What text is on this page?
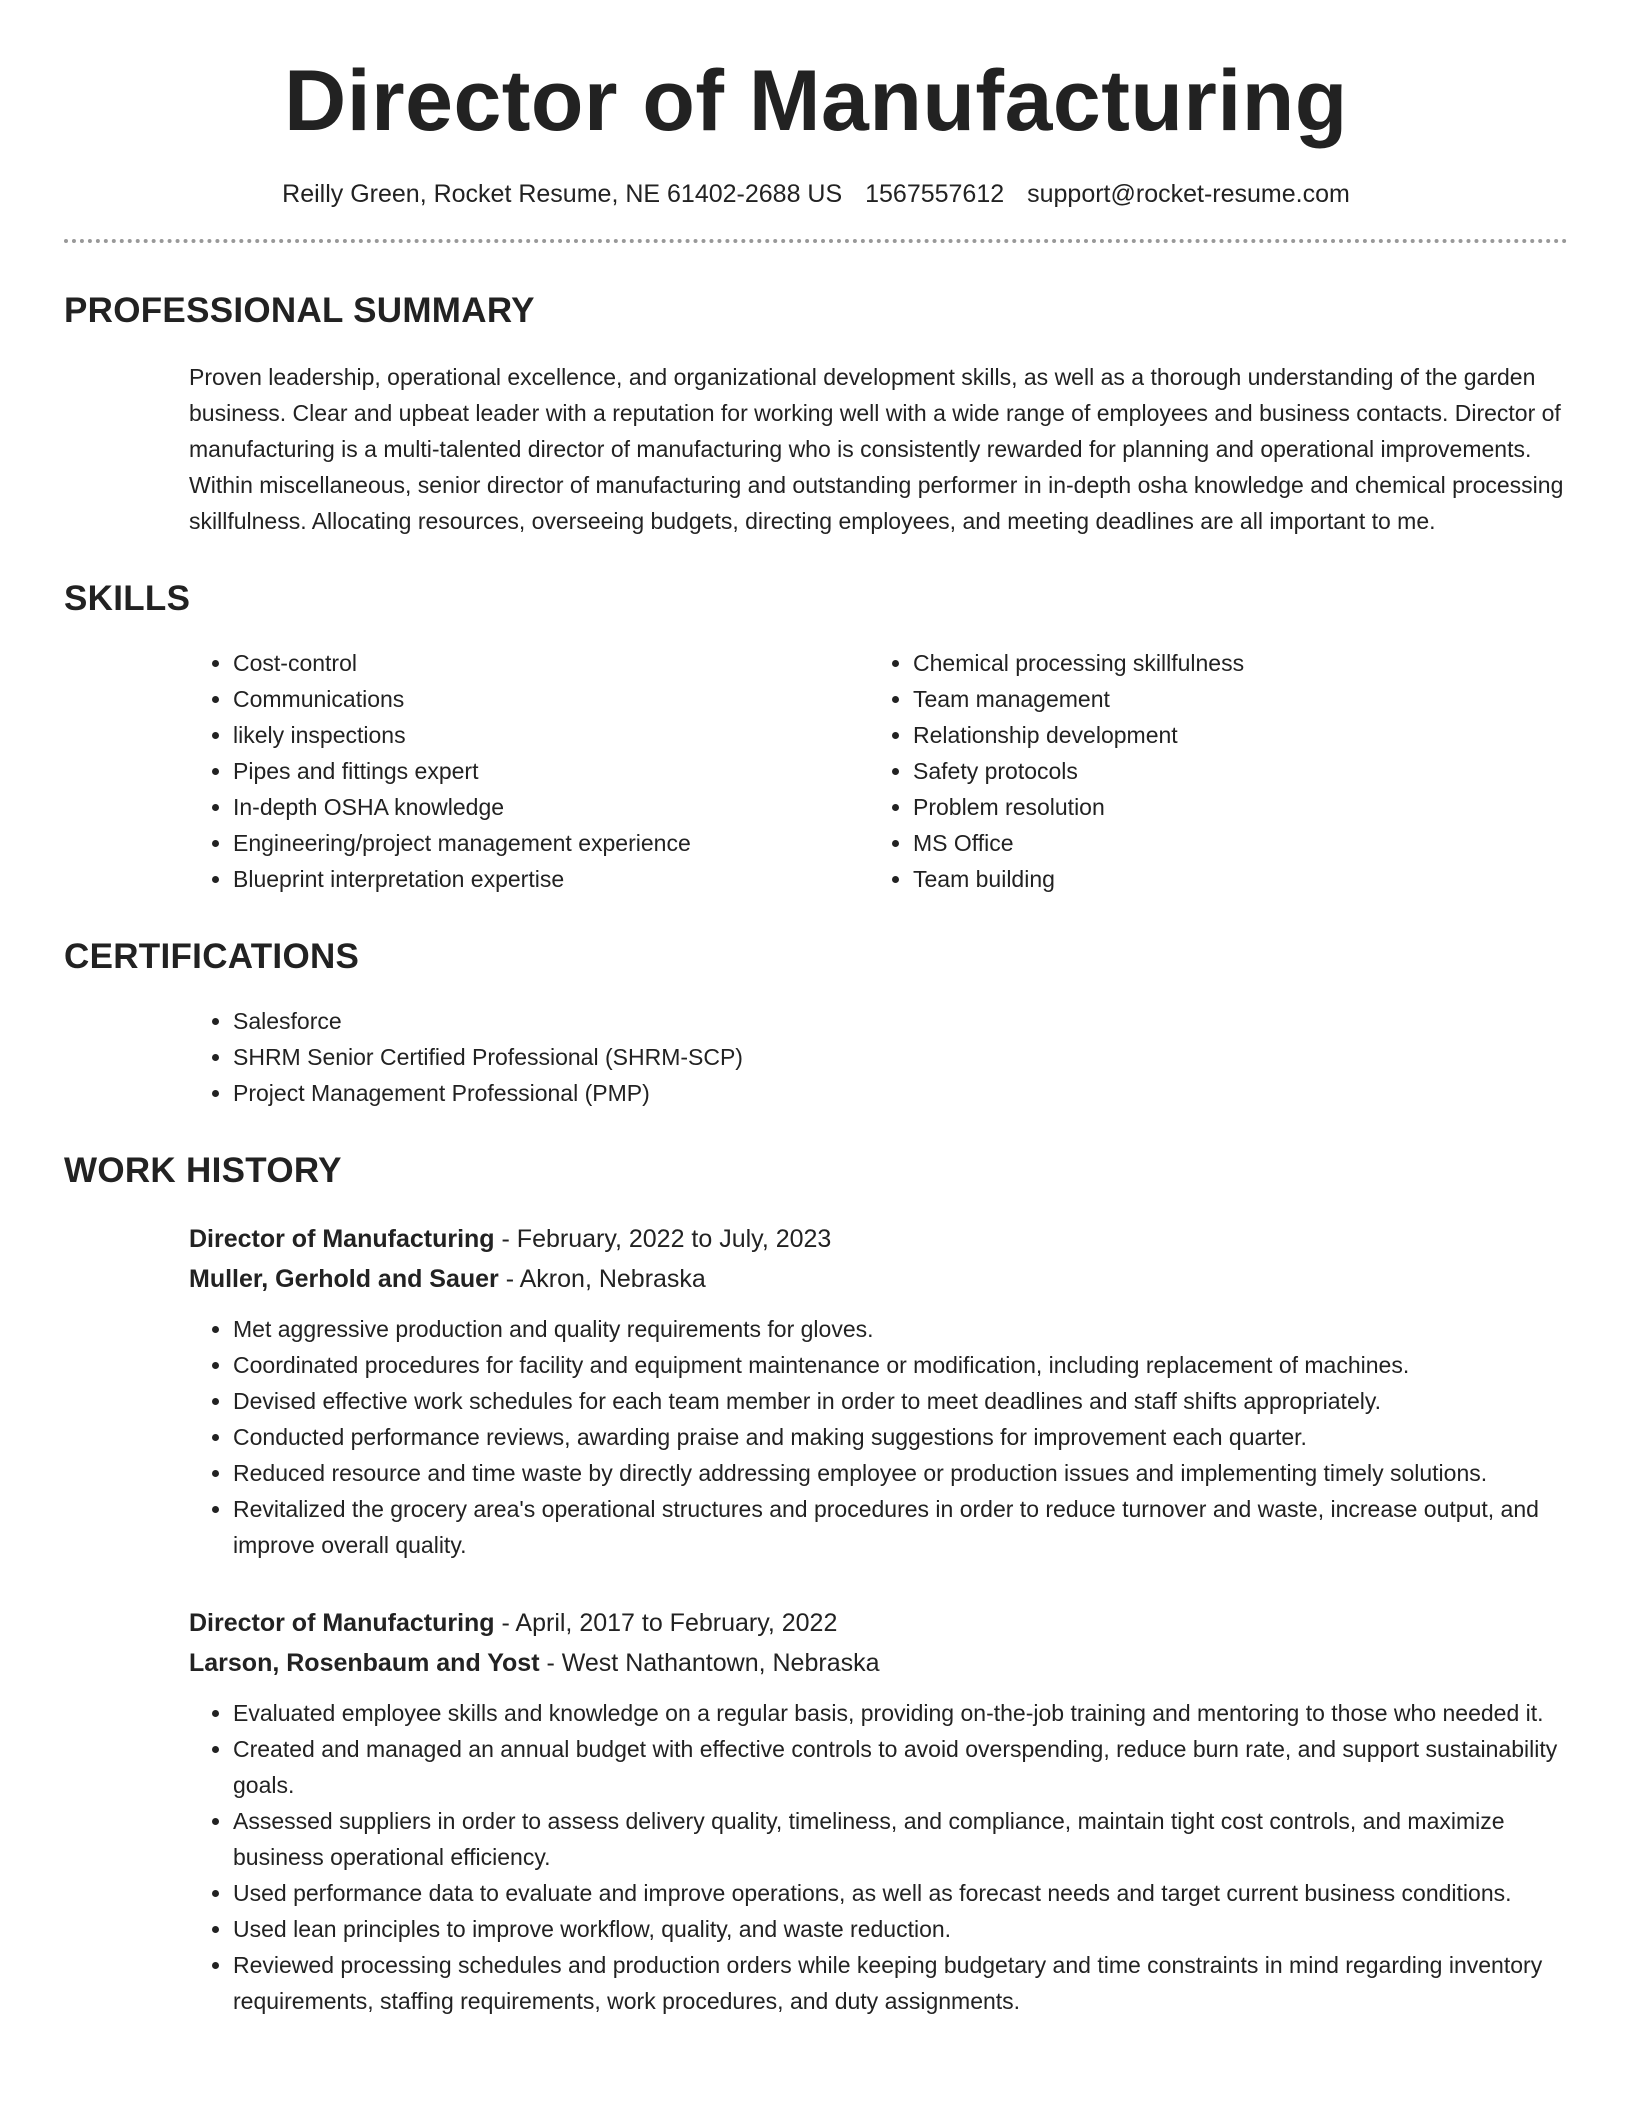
Director of Manufacturing
Reilly Green, Rocket Resume, NE 61402-2688 US 1567557612 support@rocket-resume.com
PROFESSIONAL SUMMARY

Proven leadership, operational excellence, and organizational development skills, as well as a thorough understanding of the garden business. Clear and upbeat leader with a reputation for working well with a wide range of employees and business contacts. Director of manufacturing is a multi-talented director of manufacturing who is consistently rewarded for planning and operational improvements. Within miscellaneous, senior director of manufacturing and outstanding performer in in-depth osha knowledge and chemical processing skillfulness. Allocating resources, overseeing budgets, directing employees, and meeting deadlines are all important to me.

SKILLS
• Cost-control
• Communications
• likely inspections
• Pipes and fittings expert
• In-depth OSHA knowledge
• Engineering/project management experience
• Blueprint interpretation expertise
• Chemical processing skillfulness
• Team management
• Relationship development
• Safety protocols
• Problem resolution
• MS Office
• Team building
CERTIFICATIONS
• Salesforce
• SHRM Senior Certified Professional (SHRM-SCP)
• Project Management Professional (PMP)
WORK HISTORY
Director of Manufacturing - February, 2022 to July, 2023
Muller, Gerhold and Sauer - Akron, Nebraska
• Met aggressive production and quality requirements for gloves.
• Coordinated procedures for facility and equipment maintenance or modification, including replacement of machines.
• Devised effective work schedules for each team member in order to meet deadlines and staff shifts appropriately.
• Conducted performance reviews, awarding praise and making suggestions for improvement each quarter.
• Reduced resource and time waste by directly addressing employee or production issues and implementing timely solutions.
• Revitalized the grocery area's operational structures and procedures in order to reduce turnover and waste, increase output, and improve overall quality.
Director of Manufacturing - April, 2017 to February, 2022
Larson, Rosenbaum and Yost - West Nathantown, Nebraska
• Evaluated employee skills and knowledge on a regular basis, providing on-the-job training and mentoring to those who needed it.
• Created and managed an annual budget with effective controls to avoid overspending, reduce burn rate, and support sustainability goals.
• Assessed suppliers in order to assess delivery quality, timeliness, and compliance, maintain tight cost controls, and maximize business operational efficiency.
• Used performance data to evaluate and improve operations, as well as forecast needs and target current business conditions.
• Used lean principles to improve workflow, quality, and waste reduction.
• Reviewed processing schedules and production orders while keeping budgetary and time constraints in mind regarding inventory requirements, staffing requirements, work procedures, and duty assignments.
